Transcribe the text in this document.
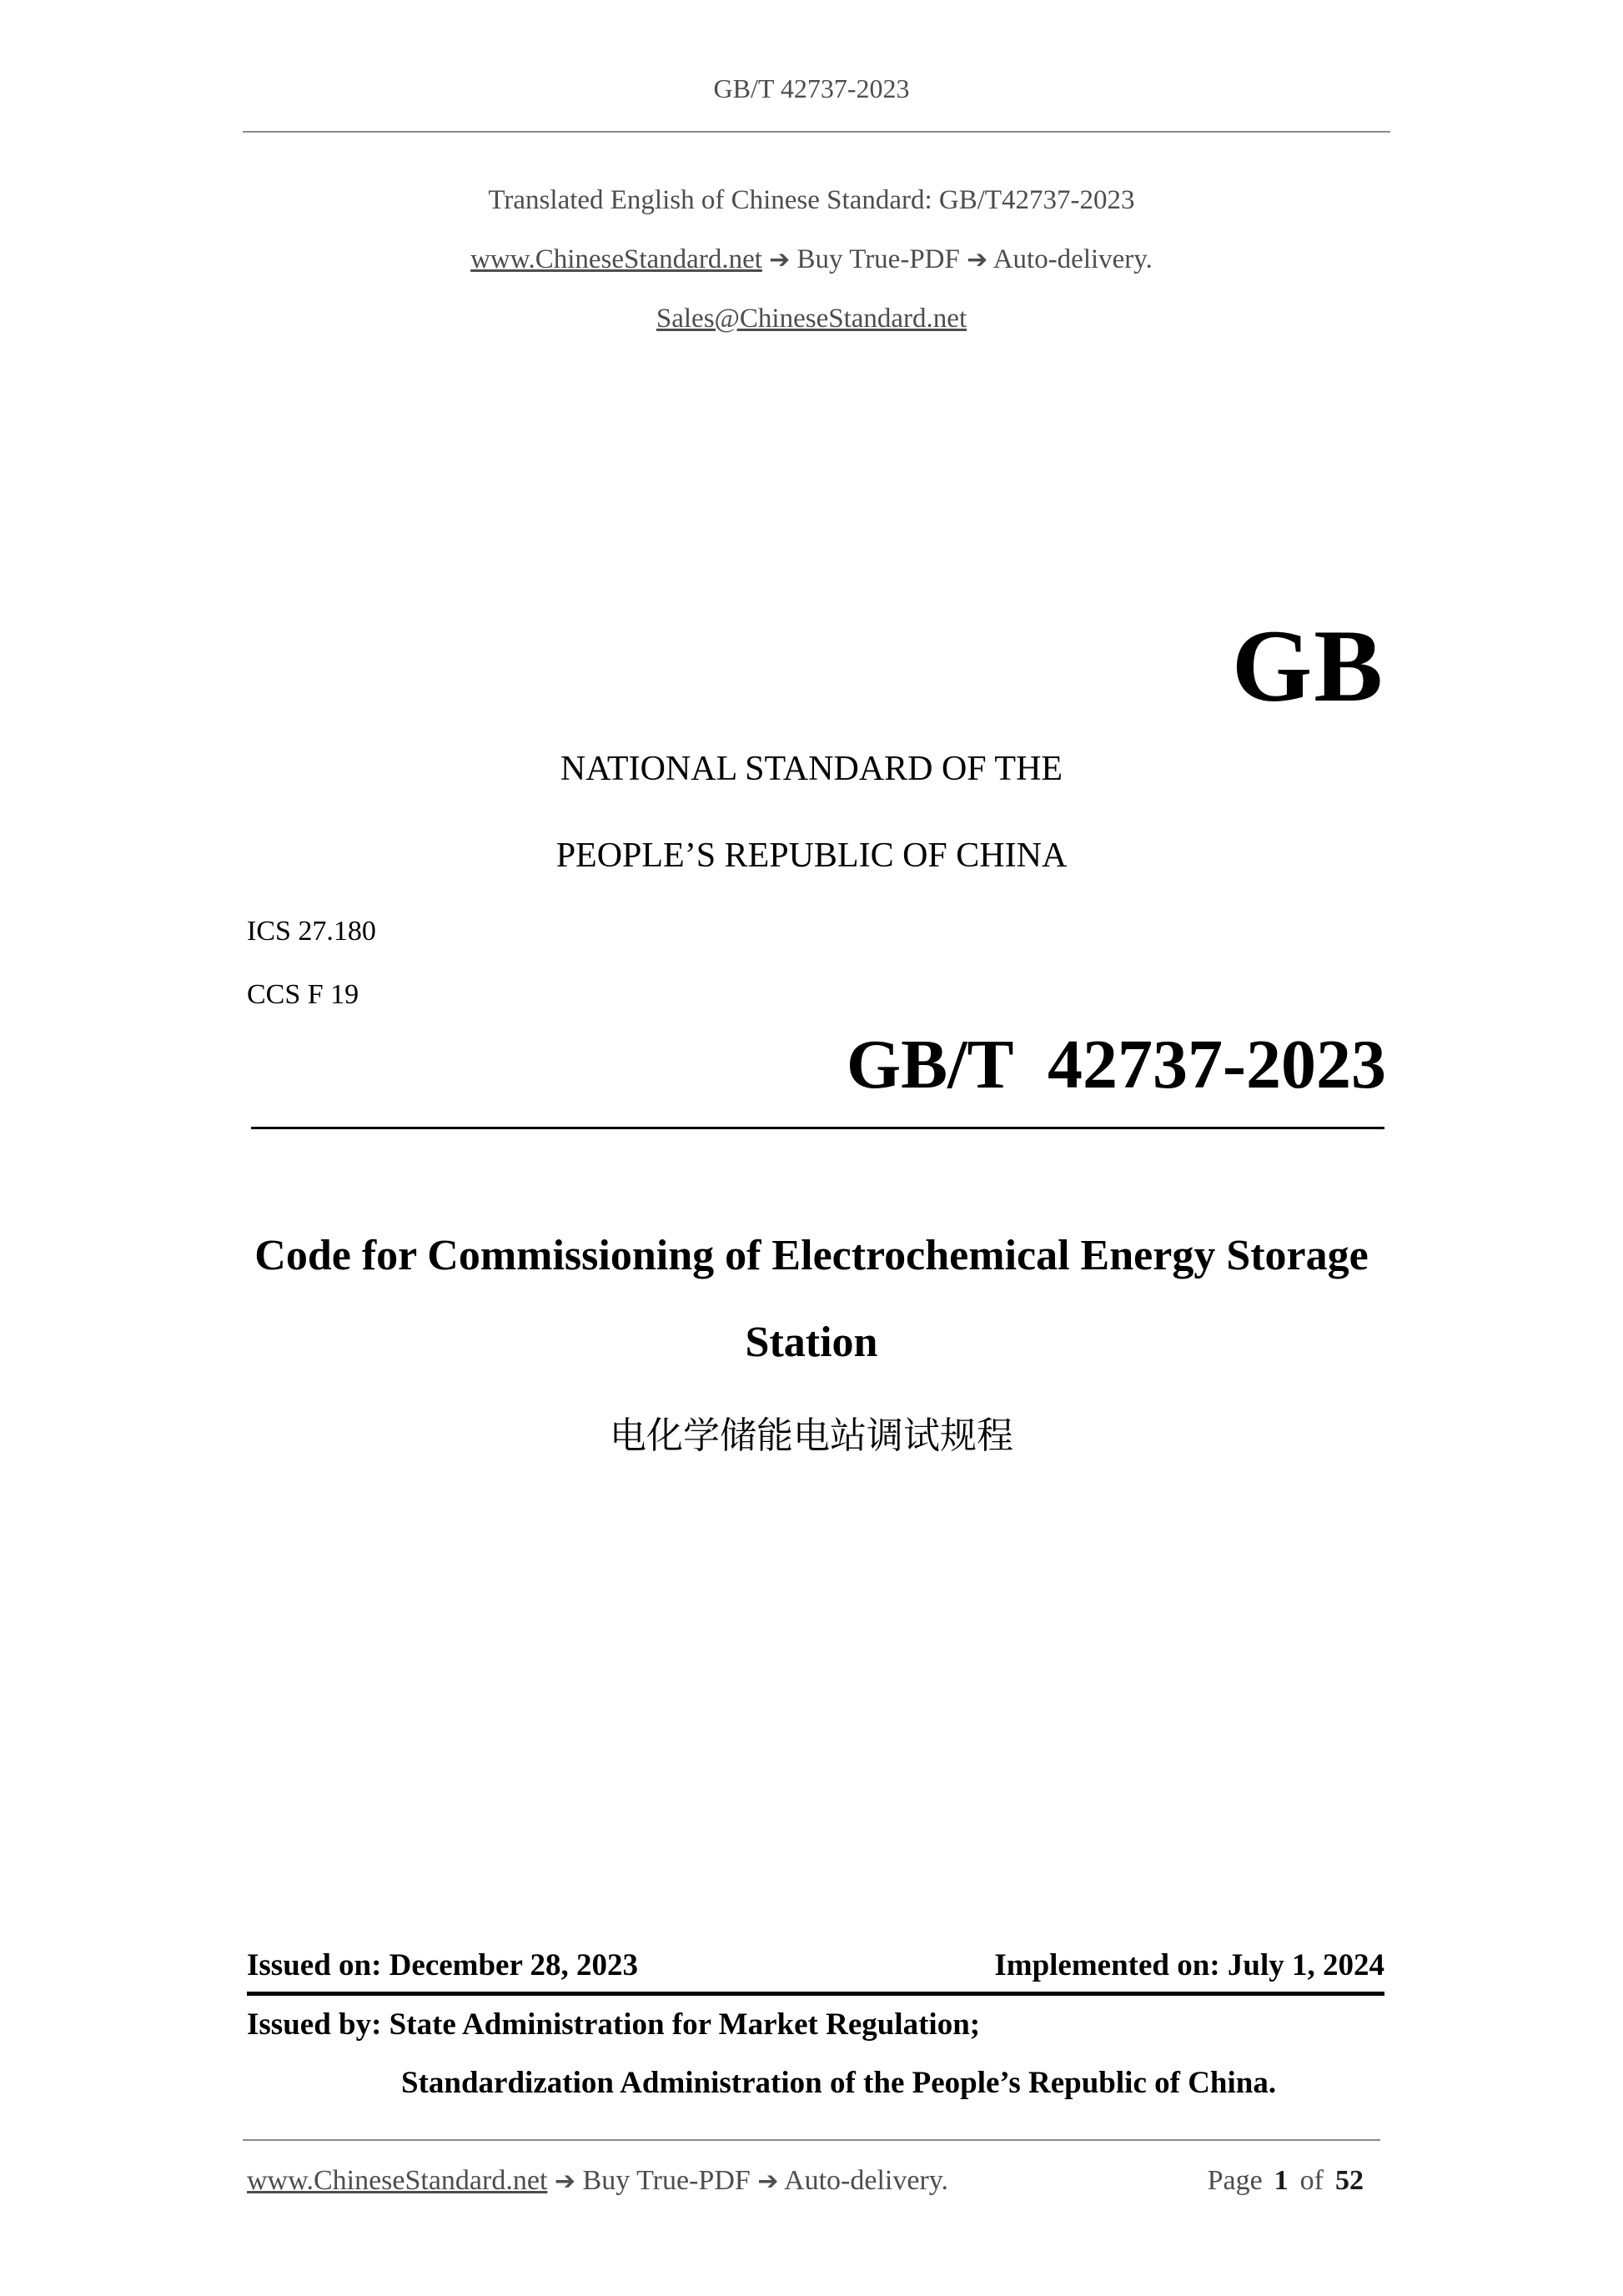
GB/T 42737-2023
Translated English of Chinese Standard: GB/T42737-2023
www.ChineseStandard.net ➔ Buy True-PDF ➔ Auto-delivery.
Sales@ChineseStandard.net
GB
NATIONAL STANDARD OF THE
PEOPLE’S REPUBLIC OF CHINA
ICS 27.180
CCS F 19
GB/T  42737-2023
Code for Commissioning of Electrochemical Energy Storage
Station
电化学储能电站调试规程
Issued on: December 28, 2023	Implemented on: July 1, 2024
Issued by: State Administration for Market Regulation;
Standardization Administration of the People’s Republic of China.
www.ChineseStandard.net ➔ Buy True-PDF ➔ Auto-delivery.	Page 1 of 52
